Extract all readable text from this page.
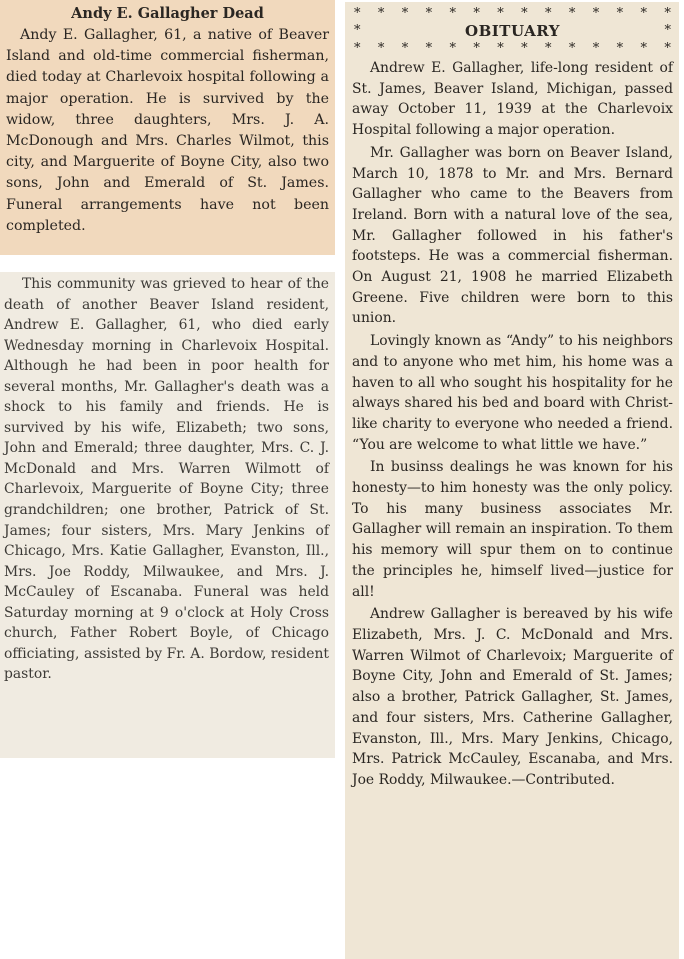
Andy E. Gallagher Dead

Andy E. Gallagher, 61, a native of Beaver Island and old-time commercial fisherman, died today at Charlevoix hospital following a major operation. He is survived by the widow, three daughters, Mrs. J. A. McDonough and Mrs. Charles Wilmot, this city, and Marguerite of Boyne City, also two sons, John and Emerald of St. James. Funeral arrangements have not been completed.

This community was grieved to hear of the death of another Beaver Island resident, Andrew E. Gallagher, 61, who died early Wednesday morning in Charlevoix Hospital. Although he had been in poor health for several months, Mr. Gallagher's death was a shock to his family and friends. He is survived by his wife, Elizabeth; two sons, John and Emerald; three daughter, Mrs. C. J. McDonald and Mrs. Warren Wilmott of Charlevoix, Marguerite of Boyne City; three grandchildren; one brother, Patrick of St. James; four sisters, Mrs. Mary Jenkins of Chicago, Mrs. Katie Gallagher, Evanston, Ill., Mrs. Joe Roddy, Milwaukee, and Mrs. J. McCauley of Escanaba. Funeral was held Saturday morning at 9 o'clock at Holy Cross church, Father Robert Boyle, of Chicago officiating, assisted by Fr. A. Bordow, resident pastor.

* * * * * * * * * * * * * *
*	OBITUARY	*
* * * * * * * * * * * * * *

Andrew E. Gallagher, life-long resident of St. James, Beaver Island, Michigan, passed away October 11, 1939 at the Charlevoix Hospital following a major operation.

Mr. Gallagher was born on Beaver Island, March 10, 1878 to Mr. and Mrs. Bernard Gallagher who came to the Beavers from Ireland. Born with a natural love of the sea, Mr. Gallagher followed in his father's footsteps. He was a commercial fisherman. On August 21, 1908 he married Elizabeth Greene. Five children were born to this union.

Lovingly known as “Andy” to his neighbors and to anyone who met him, his home was a haven to all who sought his hospitality for he always shared his bed and board with Christ-like charity to everyone who needed a friend. “You are welcome to what little we have.”

In businss dealings he was known for his honesty—to him honesty was the only policy. To his many business associates Mr. Gallagher will remain an inspiration. To them his memory will spur them on to continue the principles he, himself lived—justice for all!

Andrew Gallagher is bereaved by his wife Elizabeth, Mrs. J. C. McDonald and Mrs. Warren Wilmot of Charlevoix; Marguerite of Boyne City, John and Emerald of St. James; also a brother, Patrick Gallagher, St. James, and four sisters, Mrs. Catherine Gallagher, Evanston, Ill., Mrs. Mary Jenkins, Chicago, Mrs. Patrick McCauley, Escanaba, and Mrs. Joe Roddy, Milwaukee.—Contributed.
